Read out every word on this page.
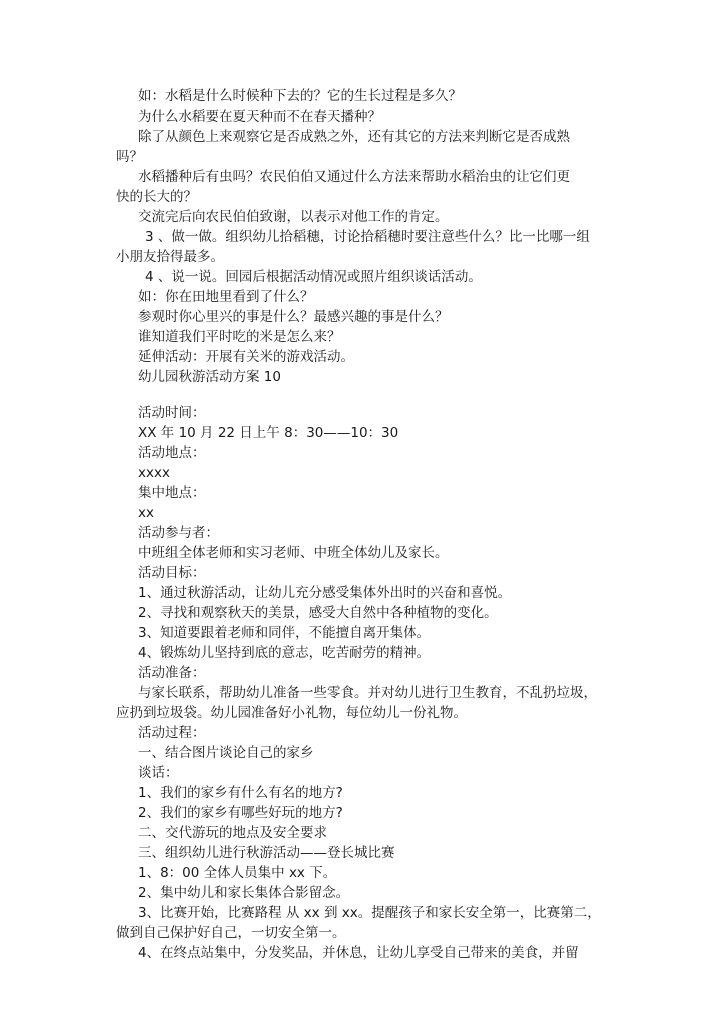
如：水稻是什么时候种下去的？它的生长过程是多久？
为什么水稻要在夏天种而不在春天播种？
除了从颜色上来观察它是否成熟之外，还有其它的方法来判断它是否成熟
吗？
水稻播种后有虫吗？农民伯伯又通过什么方法来帮助水稻治虫的让它们更
快的长大的？
交流完后向农民伯伯致谢，以表示对他工作的肯定。
3 、做一做。组织幼儿拾稻穗，讨论拾稻穗时要注意些什么？比一比哪一组
小朋友拾得最多。
4 、说一说。回园后根据活动情况或照片组织谈话活动。
如：你在田地里看到了什么？
参观时你心里兴的事是什么？最感兴趣的事是什么？
谁知道我们平时吃的米是怎么来？
延伸活动：开展有关米的游戏活动。
幼儿园秋游活动方案 10
活动时间：
XX 年 10 月 22 日上午 8：30——10：30
活动地点：
xxxx
集中地点：
xx
活动参与者：
中班组全体老师和实习老师、中班全体幼儿及家长。
活动目标：
1、通过秋游活动，让幼儿充分感受集体外出时的兴奋和喜悦。
2、寻找和观察秋天的美景，感受大自然中各种植物的变化。
3、知道要跟着老师和同伴，不能擅自离开集体。
4、锻炼幼儿坚持到底的意志，吃苦耐劳的精神。
活动准备：
与家长联系，帮助幼儿准备一些零食。并对幼儿进行卫生教育，不乱扔垃圾，
应扔到垃圾袋。幼儿园准备好小礼物，每位幼儿一份礼物。
活动过程：
一、结合图片谈论自己的家乡
谈话：
1、我们的家乡有什么有名的地方?
2、我们的家乡有哪些好玩的地方?
二、交代游玩的地点及安全要求
三、组织幼儿进行秋游活动——登长城比赛
1、8：00 全体人员集中 xx 下。
2、集中幼儿和家长集体合影留念。
3、比赛开始，比赛路程 从 xx 到 xx。提醒孩子和家长安全第一，比赛第二，
做到自己保护好自己，一切安全第一。
4、在终点站集中，分发奖品，并休息，让幼儿享受自己带来的美食，并留
